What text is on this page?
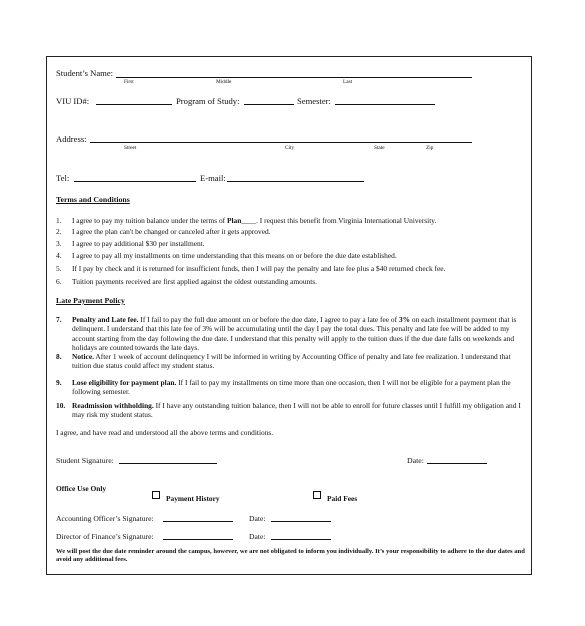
Student’s Name:
First	Middle	Last
VIU ID#:	Program of Study:	Semester:
Address:
Street	City	State	Zip
Tel:	E-mail:
Terms and Conditions
1.	I agree to pay my tuition balance under the terms of Plan____. I request this benefit from Virginia International University.
2.	I agree the plan can't be changed or canceled after it gets approved.
3.	I agree to pay additional $30 per installment.
4.	I agree to pay all my installments on time understanding that this means on or before the due date established.
5.	If I pay by check and it is returned for insufficient funds, then I will pay the penalty and late fee plus a $40 returned check fee.
6.	Tuition payments received are first applied against the oldest outstanding amounts.
Late Payment Policy
7.	Penalty and Late fee. If I fail to pay the full due amount on or before the due date, I agree to pay a late fee of 3% on each installment payment that is delinquent. I understand that this late fee of 3% will be accumulating until the day I pay the total dues. This penalty and late fee will be added to my account starting from the day following the due date. I understand that this penalty will apply to the tuition dues if the due date falls on weekends and holidays are counted towards the late days.
8.	Notice. After 1 week of account delinquency I will be informed in writing by Accounting Office of penalty and late fee realization. I understand that tuition due status could affect my student status.
9.	Lose eligibility for payment plan. If I fail to pay my installments on time more than one occasion, then I will not be eligible for a payment plan the following semester.
10. Readmission withholding. If I have any outstanding tuition balance, then I will not be able to enroll for future classes until I fulfill my obligation and I may risk my student status.
I agree, and have read and understood all the above terms and conditions.
Student Signature:	Date:
Office Use Only
Payment History	Paid Fees
Accounting Officer’s Signature:	Date:
Director of Finance’s Signature:	Date:
We will post the due date reminder around the campus, however, we are not obligated to inform you individually. It’s your responsibility to adhere to the due dates and avoid any additional fees.
